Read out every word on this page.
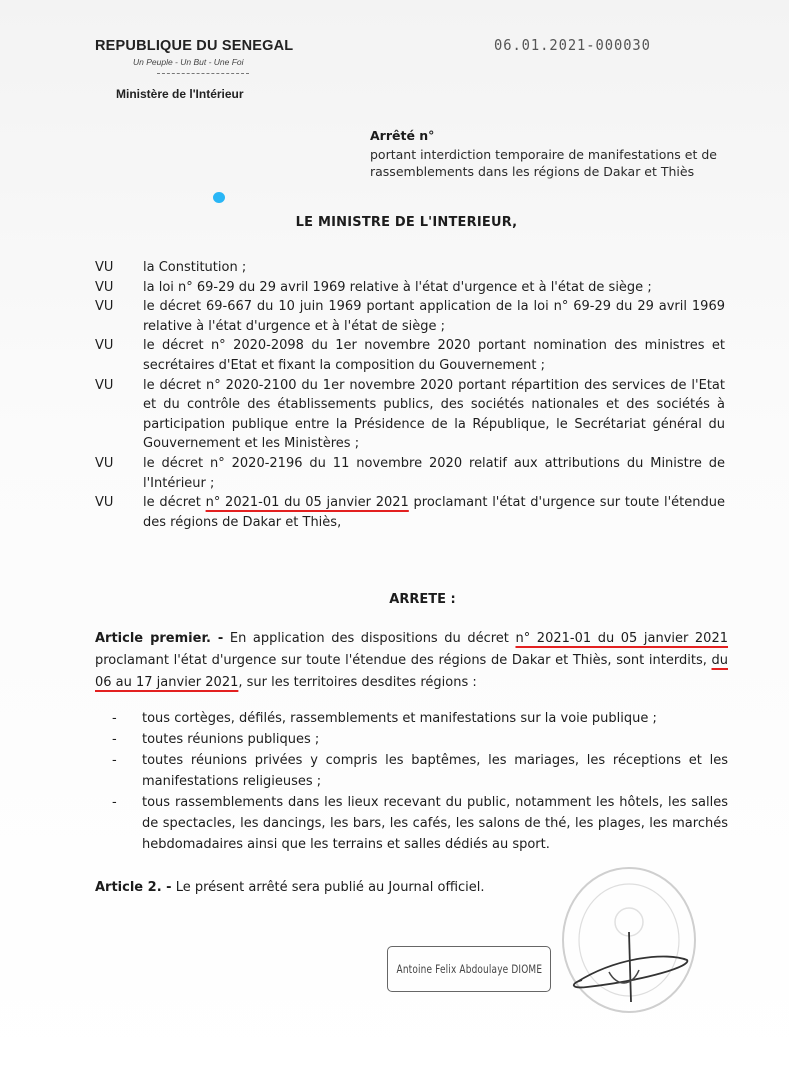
REPUBLIQUE DU SENEGAL
Un Peuple - Un But - Une Foi
Ministère de l'Intérieur
06.01.2021-000030
Arrêté n°
portant interdiction temporaire de manifestations et de rassemblements dans les régions de Dakar et Thiès
LE MINISTRE DE L'INTERIEUR,
VU	la Constitution ;
VU	la loi n° 69-29 du 29 avril 1969 relative à l'état d'urgence et à l'état de siège ;
VU	le décret 69-667 du 10 juin 1969 portant application de la loi n° 69-29 du 29 avril 1969 relative à l'état d'urgence et à l'état de siège ;
VU	le décret n° 2020-2098 du 1er novembre 2020 portant nomination des ministres et secrétaires d'Etat et fixant la composition du Gouvernement ;
VU	le décret n° 2020-2100 du 1er novembre 2020 portant répartition des services de l'Etat et du contrôle des établissements publics, des sociétés nationales et des sociétés à participation publique entre la Présidence de la République, le Secrétariat général du Gouvernement et les Ministères ;
VU	le décret n° 2020-2196 du 11 novembre 2020 relatif aux attributions du Ministre de l'Intérieur ;
VU	le décret n° 2021-01 du 05 janvier 2021 proclamant l'état d'urgence sur toute l'étendue des régions de Dakar et Thiès,
ARRETE :
Article premier. - En application des dispositions du décret n° 2021-01 du 05 janvier 2021 proclamant l'état d'urgence sur toute l'étendue des régions de Dakar et Thiès, sont interdits, du 06 au 17 janvier 2021, sur les territoires desdites régions :
-	tous cortèges, défilés, rassemblements et manifestations sur la voie publique ;
-	toutes réunions publiques ;
-	toutes réunions privées y compris les baptêmes, les mariages, les réceptions et les manifestations religieuses ;
-	tous rassemblements dans les lieux recevant du public, notamment les hôtels, les salles de spectacles, les dancings, les bars, les cafés, les salons de thé, les plages, les marchés hebdomadaires ainsi que les terrains et salles dédiés au sport.
Article 2. - Le présent arrêté sera publié au Journal officiel.
Antoine Felix Abdoulaye DIOME
